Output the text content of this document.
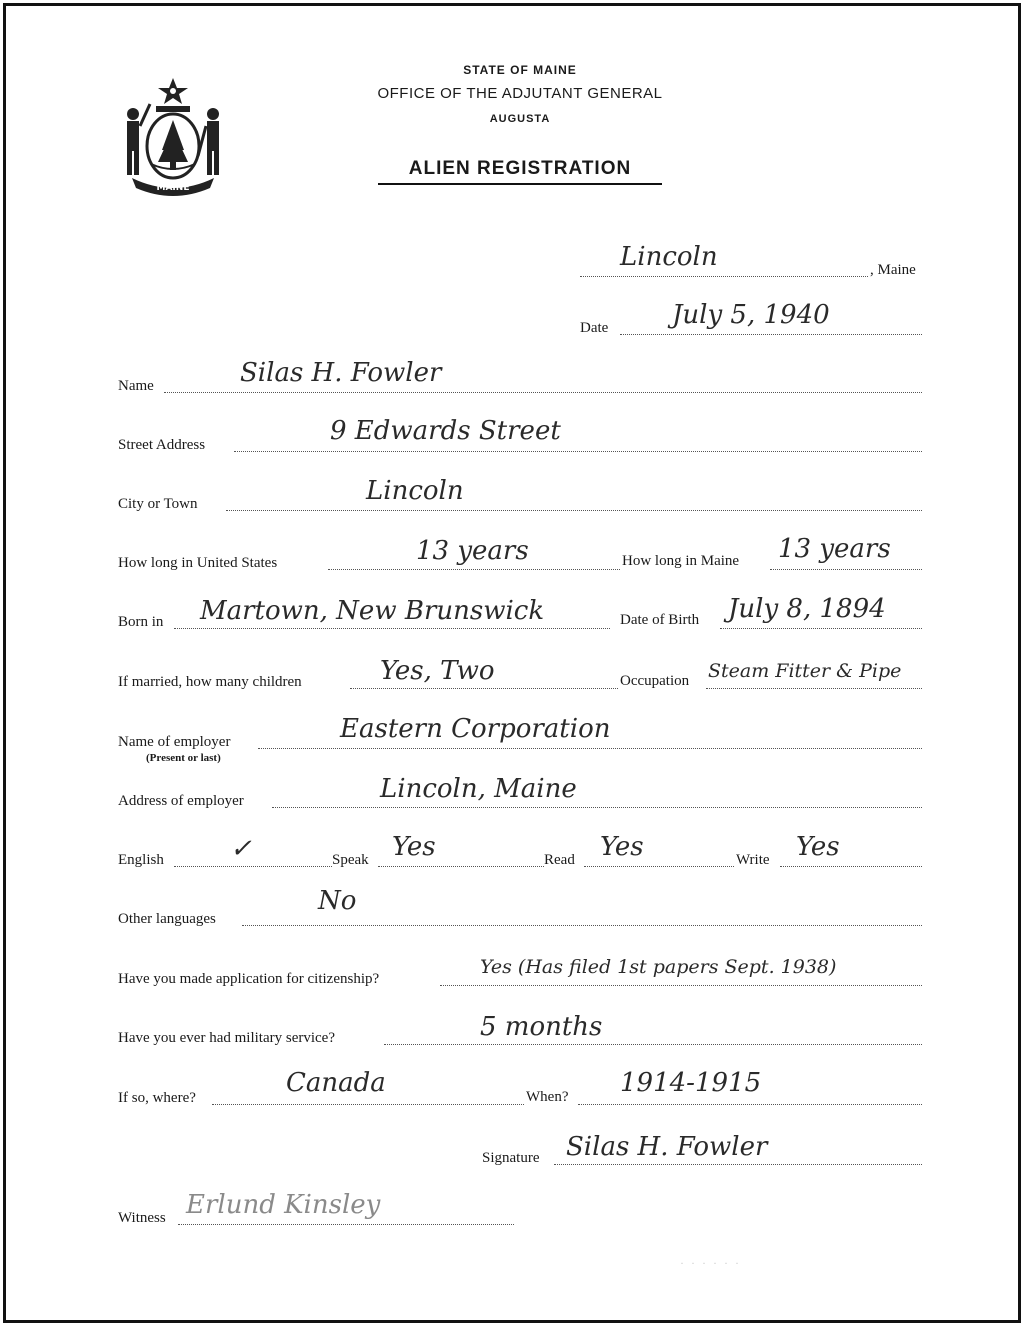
MAINE
STATE OF MAINE
OFFICE OF THE ADJUTANT GENERAL
AUGUSTA
ALIEN REGISTRATION
Lincoln	, Maine
Date July 5, 1940
Name	Silas H. Fowler
Street Address	9 Edwards Street
City or Town	Lincoln
How long in United States	13 years	How long in Maine 13 years
Born in Martown, New Brunswick	Date of Birth July 8, 1894
If married, how many children	Yes, Two	Occupation Steam Fitter & Pipe
Name of employer
(Present or last)
Eastern Corporation
Address of employer	Lincoln, Maine
English	✓	Speak Yes	Read Yes	Write Yes
Other languages
No
Have you made application for citizenship?
Yes (Has filed 1st papers Sept. 1938)
Have you ever had military service?	5 months
If so, where?	Canada	When? 1914-1915
Signature Silas H. Fowler
Witness Erlund Kinsley
· · · · · ·
